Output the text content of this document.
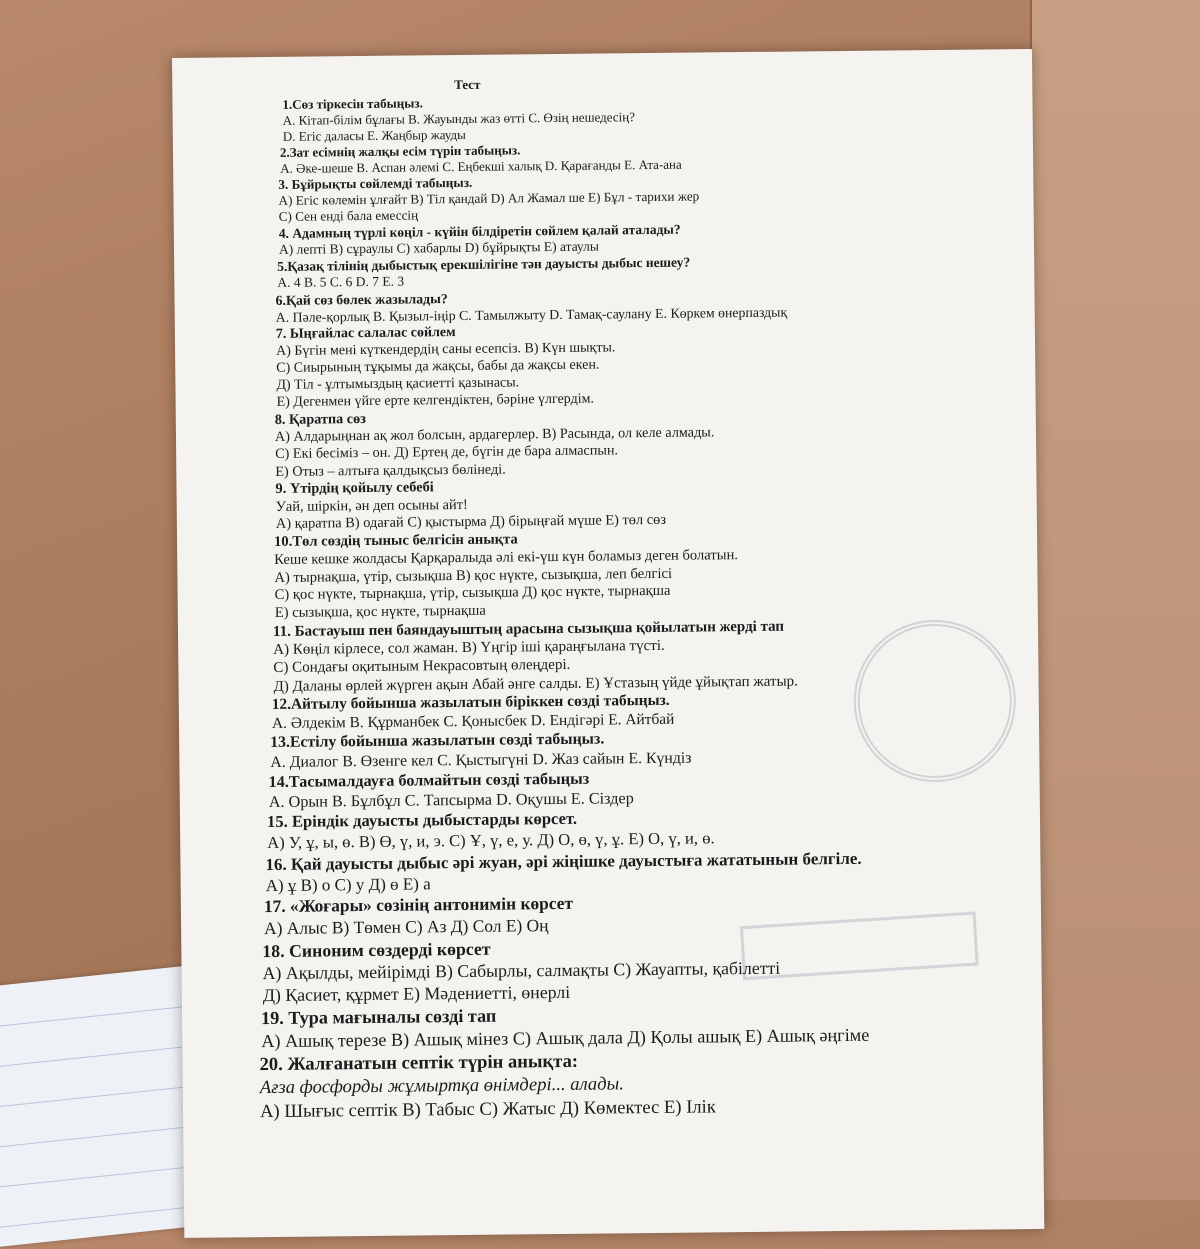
Тест
1.Сөз тіркесін табыңыз.
A. Кітап-білім бұлағы B. Жауынды жаз өтті C. Өзің нешедесің?
D. Егіс даласы E. Жаңбыр жауды
2.Зат есімнің жалқы есім түрін табыңыз.
A. Әке-шеше B. Аспан әлемі C. Еңбекші халық D. Қарағанды E. Ата-ана
3. Бұйрықты сөйлемді табыңыз.
A) Егіс көлемін ұлғайт B) Тіл қандай D) Ал Жамал ше E) Бұл - тарихи жер
C) Сен енді бала емессің
4. Адамның түрлі көңіл - күйін білдіретін сөйлем қалай аталады?
A) лепті B) сұраулы C) хабарлы D) бұйрықты E) атаулы
5.Қазақ тілінің дыбыстық ерекшілігіне тән дауысты дыбыс нешеу?
A. 4 B. 5 C. 6 D. 7 E. 3
6.Қай сөз бөлек жазылады?
A. Пәле-қорлық B. Қызыл-іңір C. Тамылжыту D. Тамақ-саулану E. Көркем өнерпаздық
7. Ыңғайлас салалас сөйлем
A) Бүгін мені күткендердің саны есепсіз. B) Күн шықты.
C) Сиырының тұқымы да жақсы, бабы да жақсы екен.
Д) Тіл - ұлтымыздың қасиетті қазынасы.
E) Дегенмен үйге ерте келгендіктен, бәріне үлгердім.
8. Қаратпа сөз
A) Алдарыңнан ақ жол болсын, ардагерлер. B) Расында, ол келе алмады.
C) Екі бесіміз – он. Д) Ертең де, бүгін де бара алмаспын.
E) Отыз – алтыға қалдықсыз бөлінеді.
9. Үтірдің қойылу себебі
Уай, шіркін, ән деп осыны айт!
A) қаратпа B) одағай C) қыстырма Д) бірыңғай мүше E) төл сөз
10.Төл сөздің тыныс белгісін анықта
Кеше кешке жолдасы Қарқаралыда әлі екі-үш күн боламыз деген болатын.
A) тырнақша, үтір, сызықша B) қос нүкте, сызықша, леп белгісі
C) қос нүкте, тырнақша, үтір, сызықша Д) қос нүкте, тырнақша
E) сызықша, қос нүкте, тырнақша
11. Бастауыш пен баяндауыштың арасына сызықша қойылатын жерді тап
A) Көңіл кірлесе, сол жаман. B) Үңгір іші қараңғылана түсті.
C) Сондағы оқитыным Некрасовтың өлеңдері.
Д) Даланы өрлей жүрген ақын Абай әнге салды. E) Ұстазың үйде ұйықтап жатыр.
12.Айтылу бойынша жазылатын біріккен сөзді табыңыз.
A. Әлдекім B. Құрманбек C. Қонысбек D. Ендігәрі E. Айтбай
13.Естілу бойынша жазылатын сөзді табыңыз.
A. Диалог B. Өзенге кел C. Қыстыгүні D. Жаз сайын E. Күндіз
14.Тасымалдауға болмайтын сөзді табыңыз
A. Орын B. Бұлбұл C. Тапсырма D. Оқушы E. Сіздер
15. Еріндік дауысты дыбыстарды көрсет.
A) У, ұ, ы, ө. B) Ө, ү, и, э. C) Ұ, ү, е, у. Д) О, ө, ү, ұ. E) О, ү, и, ө.
16. Қай дауысты дыбыс әрі жуан, әрі жіңішке дауыстыға жататынын белгіле.
A) ұ B) о C) у Д) ө E) а
17. «Жоғары» сөзінің антонимін көрсет
A) Алыс B) Төмен C) Аз Д) Сол E) Оң
18. Синоним сөздерді көрсет
A) Ақылды, мейірімді B) Сабырлы, салмақты C) Жауапты, қабілетті
Д) Қасиет, құрмет E) Мәдениетті, өнерлі
19. Тура мағыналы сөзді тап
A) Ашық терезе B) Ашық мінез C) Ашық дала Д) Қолы ашық E) Ашық әңгіме
20. Жалғанатын септік түрін анықта:
Ағза фосфорды жұмыртқа өнімдері... алады.
A) Шығыс септік B) Табыс C) Жатыс Д) Көмектес E) Ілік
